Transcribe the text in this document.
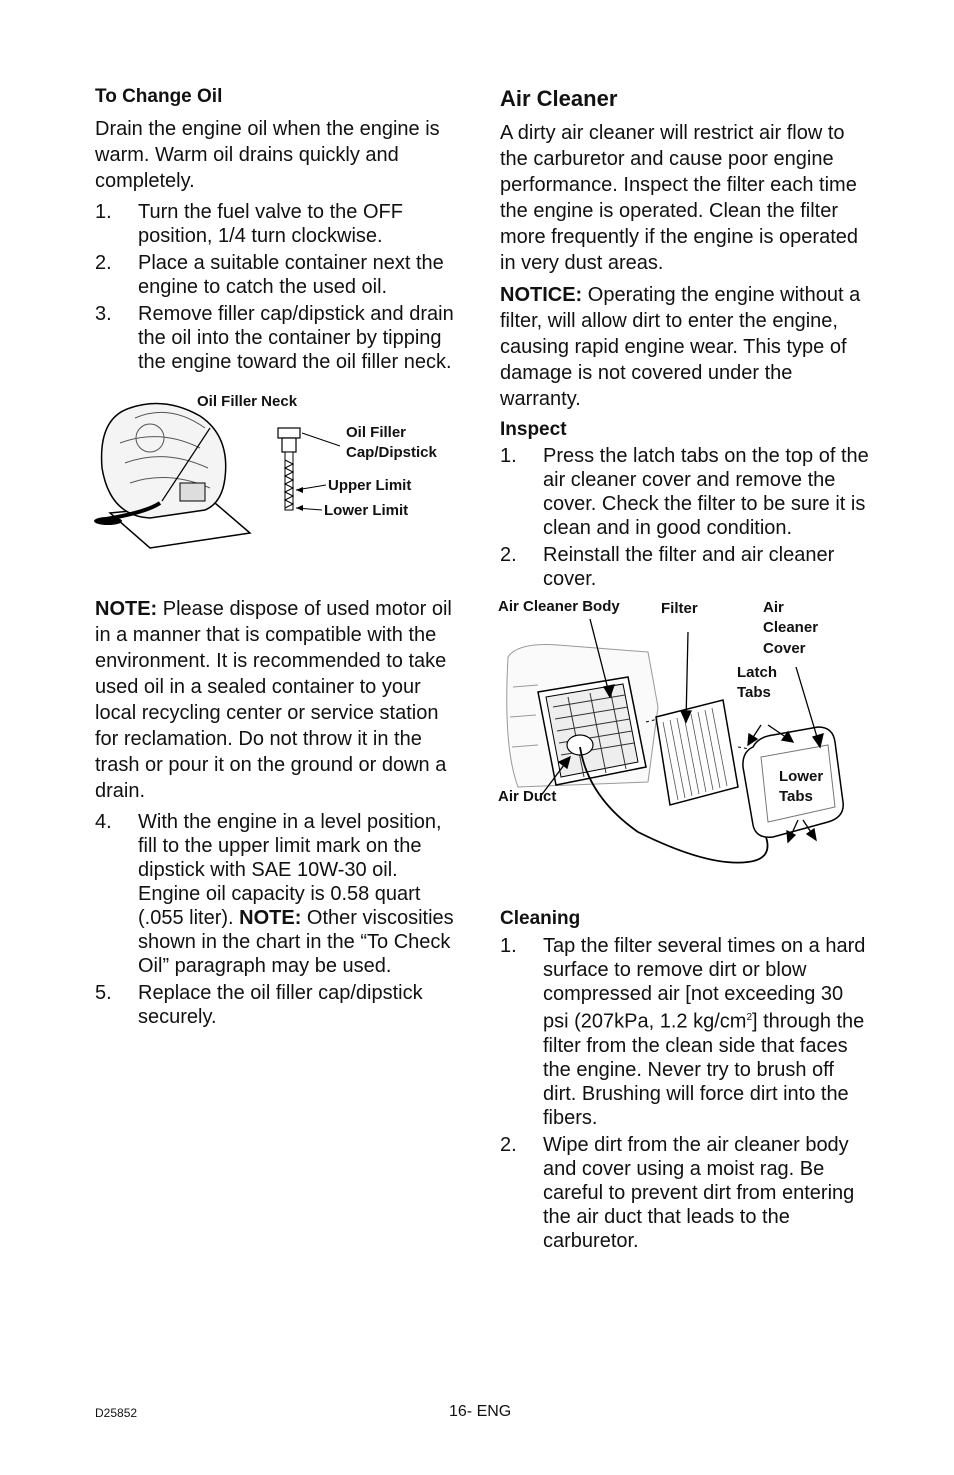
To Change Oil

Drain the engine oil when the engine is warm. Warm oil drains quickly and completely.

1. Turn the fuel valve to the OFF position, 1/4 turn clockwise.
2. Place a suitable container next the engine to catch the used oil.
3. Remove filler cap/dipstick and drain the oil into the container by tipping the engine toward the oil filler neck.
Oil Filler Neck
Oil Filler
Cap/Dipstick
Upper Limit
Lower Limit

NOTE: Please dispose of used motor oil in a manner that is compatible with the environment. It is recommended to take used oil in a sealed container to your local recycling center or service station for reclamation. Do not throw it in the trash or pour it on the ground or down a drain.

4. With the engine in a level position, fill to the upper limit mark on the dipstick with SAE 10W-30 oil. Engine oil capacity is 0.58 quart (.055 liter). NOTE: Other viscosities shown in the chart in the “To Check Oil” paragraph may be used.
5. Replace the oil filler cap/dipstick securely.
Air Cleaner

A dirty air cleaner will restrict air flow to the carburetor and cause poor engine performance. Inspect the filter each time the engine is operated. Clean the filter more frequently if the engine is operated in very dust areas.

NOTICE: Operating the engine without a filter, will allow dirt to enter the engine, causing rapid engine wear. This type of damage is not covered under the warranty.

Inspect
1. Press the latch tabs on the top of the air cleaner cover and remove the cover. Check the filter to be sure it is clean and in good condition.
2. Reinstall the filter and air cleaner cover.
Air Cleaner Body	Filter	Air
Cleaner
Cover
Latch
Tabs
Lower
Tabs
Air Duct
Cleaning
1. Tap the filter several times on a hard surface to remove dirt or blow compressed air [not exceeding 30 psi (207kPa, 1.2 $kg/cm^2$] through the filter from the clean side that faces the engine. Never try to brush off dirt. Brushing will force dirt into the fibers.
2. Wipe dirt from the air cleaner body and cover using a moist rag. Be careful to prevent dirt from entering the air duct that leads to the carburetor.
D25852	16- ENG
